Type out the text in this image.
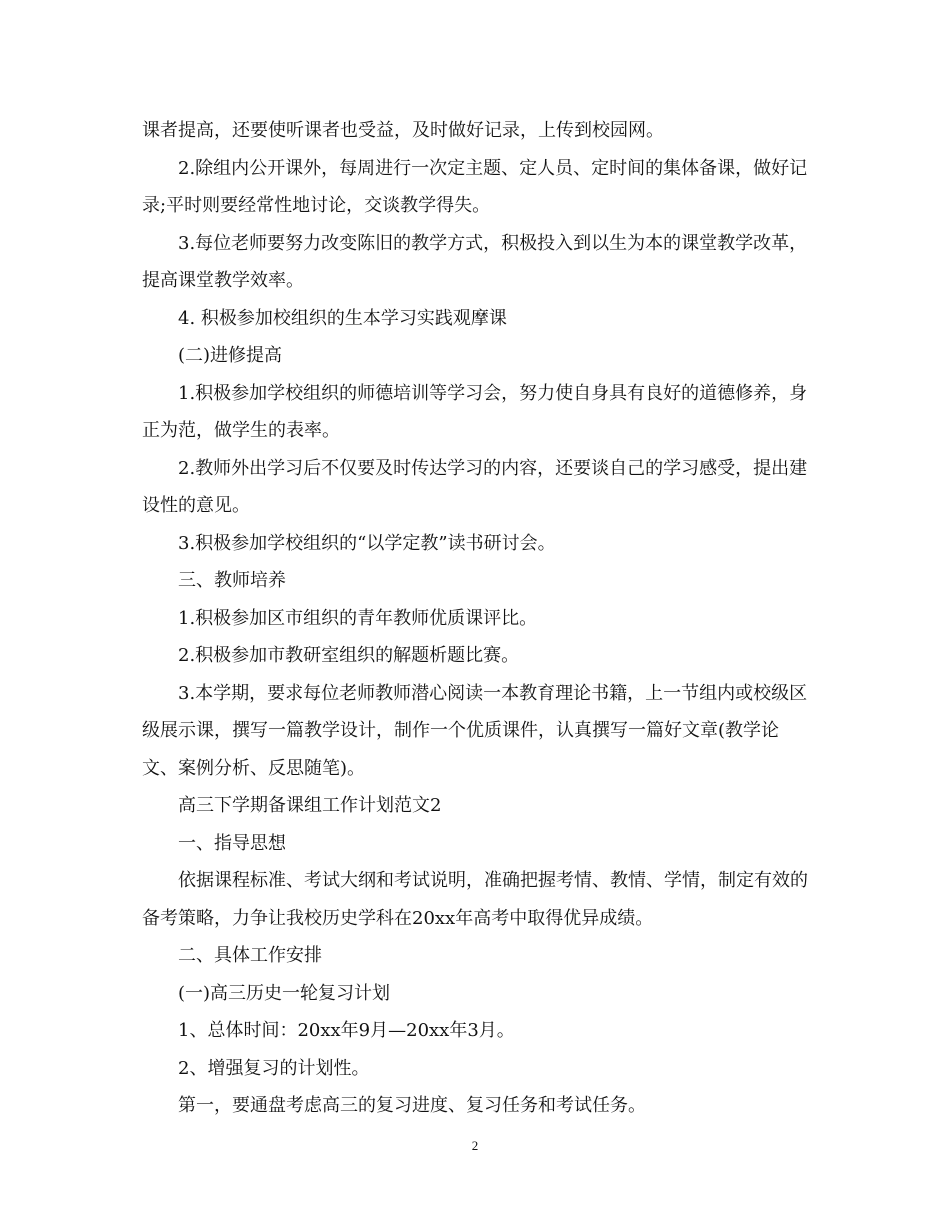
课者提高，还要使听课者也受益，及时做好记录，上传到校园网。

2.除组内公开课外，每周进行一次定主题、定人员、定时间的集体备课，做好记录;平时则要经常性地讨论，交谈教学得失。

3.每位老师要努力改变陈旧的教学方式，积极投入到以生为本的课堂教学改革，提高课堂教学效率。

4. 积极参加校组织的生本学习实践观摩课

(二)进修提高

1.积极参加学校组织的师德培训等学习会，努力使自身具有良好的道德修养，身正为范，做学生的表率。

2.教师外出学习后不仅要及时传达学习的内容，还要谈自己的学习感受，提出建设性的意见。

3.积极参加学校组织的“以学定教”读书研讨会。

三、教师培养

1.积极参加区市组织的青年教师优质课评比。

2.积极参加市教研室组织的解题析题比赛。

3.本学期，要求每位老师教师潜心阅读一本教育理论书籍，上一节组内或校级区级展示课，撰写一篇教学设计，制作一个优质课件，认真撰写一篇好文章(教学论文、案例分析、反思随笔)。

高三下学期备课组工作计划范文2

一、指导思想

依据课程标准、考试大纲和考试说明，准确把握考情、教情、学情，制定有效的备考策略，力争让我校历史学科在20xx年高考中取得优异成绩。

二、具体工作安排

(一)高三历史一轮复习计划

1、总体时间：20xx年9月—20xx年3月。

2、增强复习的计划性。

第一，要通盘考虑高三的复习进度、复习任务和考试任务。

2
